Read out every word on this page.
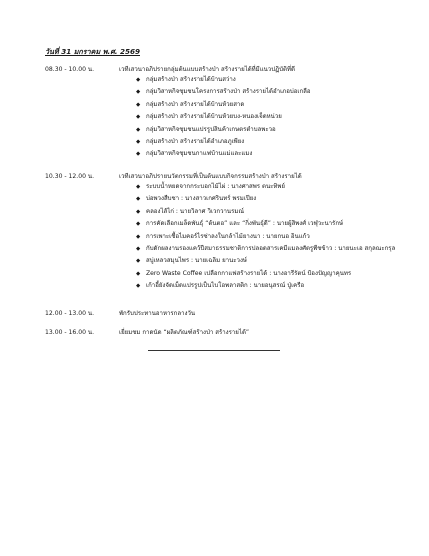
วันที่ 31 มกราคม พ.ศ. 2569
08.30 - 10.00 น.	เวทีเสวนาอภิปรายกลุ่มต้นแบบสร้างป่า สร้างรายได้ที่มีแนวปฏิบัติที่ดี
◆ กลุ่มสร้างป่า สร้างรายได้บ้านสว่าง
◆ กลุ่มวิสาหกิจชุมชนโครงการสร้างป่า สร้างรายได้อำเภอบ่อเกลือ
◆ กลุ่มสร้างป่า สร้างรายได้บ้านห้วยสาด
◆ กลุ่มสร้างป่า สร้างรายได้บ้านห้วยบง-หนองเจ็ดหน่วย
◆ กลุ่มวิสาหกิจชุมชนแปรรูปสินค้าเกษตรตำบลพะวอ
◆ กลุ่มสร้างป่า สร้างรายได้อำเภอภูเพียง
◆ กลุ่มวิสาหกิจชุมชนกาแฟบ้านแม่และแมง
10.30 - 12.00 น.	เวทีเสวนาอภิปรายนวัตกรรมที่เป็นต้นแบบกิจกรรมสร้างป่า สร้างรายได้
◆ ระบบน้ำหยดจากกระบอกไม้ไผ่ : นางศาสพร ตนะทิพย์
◆ บ่อพวงสืบชา : นางสาวเกศรินทร์ พรมเปียง
◆ คลองไส้ไก่ : นายวิลาศ วิเวกวานรมณ์
◆ การคัดเลือกเมล็ดพันธุ์ “ต้นตอ” และ “กิ่งพันธุ์ดี” : นายผู้สิพงศ์ เวฬุวะนารักษ์
◆ การเพาะเชื้อไมคอร์ไรซ่าลงในกล้าไม้ยางนา : นายกนอ อินแก้ว
◆ กับดักผลงานรองแคว้ปีสมาธรรมชาติการปลอดสารเคมีแมลงศัตรูพืชข้าว : นายนะเอ สกุลณะกรุล
◆ สบู่เหลวสมุนไพร : นายเฉลิม ยานะวงษ์
◆ Zero Waste Coffee เปลือกกาแฟสร้างรายได้ : นางอารีรัตน์ ป้องปัญญาคุนทร
◆ เก้าอี้ยังจัดเม็ดแปรรูปเป็นไบโอพลาสติก : นายอนุสรณ์ ปู่เครือ
12.00 - 13.00 น.	พักรับประทานอาหารกลางวัน
13.00 - 16.00 น.	เยี่ยมชม กาดนัด “ผลิตภัณฑ์สร้างป่า สร้างรายได้”
